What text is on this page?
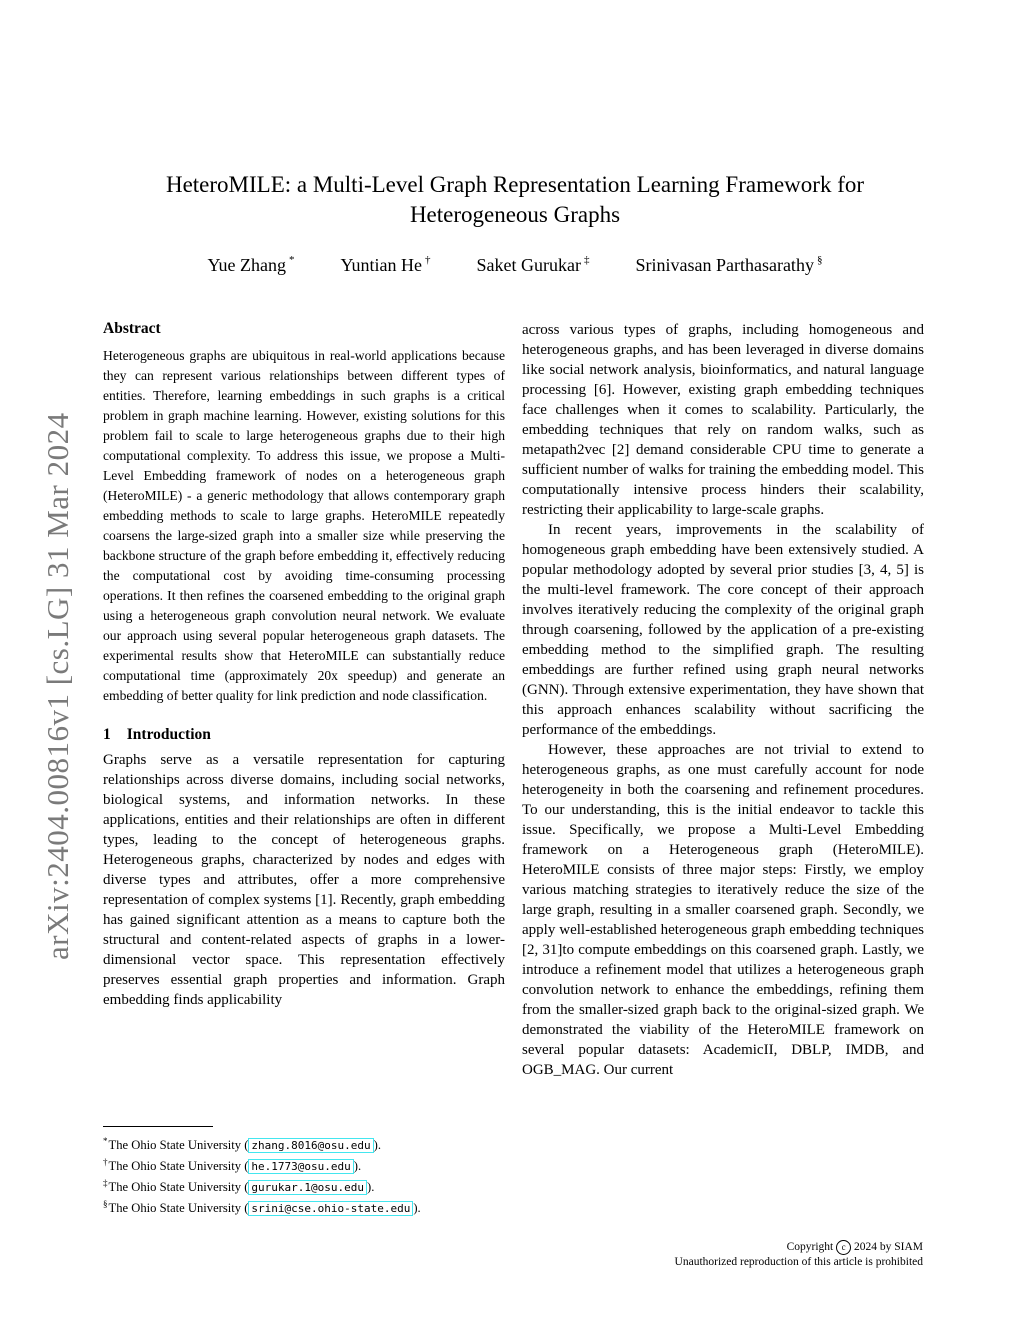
arXiv:2404.00816v1 [cs.LG] 31 Mar 2024
HeteroMILE: a Multi-Level Graph Representation Learning Framework for
Heterogeneous Graphs
Yue Zhang *	Yuntian He †	Saket Gurukar ‡	Srinivasan Parthasarathy §
Abstract

Heterogeneous graphs are ubiquitous in real-world applications because they can represent various relationships between different types of entities. Therefore, learning embeddings in such graphs is a critical problem in graph machine learning. However, existing solutions for this problem fail to scale to large heterogeneous graphs due to their high computational complexity. To address this issue, we propose a Multi-Level Embedding framework of nodes on a heterogeneous graph (HeteroMILE) - a generic methodology that allows contemporary graph embedding methods to scale to large graphs. HeteroMILE repeatedly coarsens the large-sized graph into a smaller size while preserving the backbone structure of the graph before embedding it, effectively reducing the computational cost by avoiding time-consuming processing operations. It then refines the coarsened embedding to the original graph using a heterogeneous graph convolution neural network. We evaluate our approach using several popular heterogeneous graph datasets. The experimental results show that HeteroMILE can substantially reduce computational time (approximately 20x speedup) and generate an embedding of better quality for link prediction and node classification.

1 Introduction

Graphs serve as a versatile representation for capturing relationships across diverse domains, including social networks, biological systems, and information networks. In these applications, entities and their relationships are often in different types, leading to the concept of heterogeneous graphs. Heterogeneous graphs, characterized by nodes and edges with diverse types and attributes, offer a more comprehensive representation of complex systems [1]. Recently, graph embedding has gained significant attention as a means to capture both the structural and content-related aspects of graphs in a lower-dimensional vector space. This representation effectively preserves essential graph properties and information. Graph embedding finds applicability

across various types of graphs, including homogeneous and heterogeneous graphs, and has been leveraged in diverse domains like social network analysis, bioinformatics, and natural language processing [6]. However, existing graph embedding techniques face challenges when it comes to scalability. Particularly, the embedding techniques that rely on random walks, such as metapath2vec [2] demand considerable CPU time to generate a sufficient number of walks for training the embedding model. This computationally intensive process hinders their scalability, restricting their applicability to large-scale graphs.

In recent years, improvements in the scalability of homogeneous graph embedding have been extensively studied. A popular methodology adopted by several prior studies [3, 4, 5] is the multi-level framework. The core concept of their approach involves iteratively reducing the complexity of the original graph through coarsening, followed by the application of a pre-existing embedding method to the simplified graph. The resulting embeddings are further refined using graph neural networks (GNN). Through extensive experimentation, they have shown that this approach enhances scalability without sacrificing the performance of the embeddings.

However, these approaches are not trivial to extend to heterogeneous graphs, as one must carefully account for node heterogeneity in both the coarsening and refinement procedures. To our understanding, this is the initial endeavor to tackle this issue. Specifically, we propose a Multi-Level Embedding framework on a Heterogeneous graph (HeteroMILE). HeteroMILE consists of three major steps: Firstly, we employ various matching strategies to iteratively reduce the size of the large graph, resulting in a smaller coarsened graph. Secondly, we apply well-established heterogeneous graph embedding techniques [2, 31]to compute embeddings on this coarsened graph. Lastly, we introduce a refinement model that utilizes a heterogeneous graph convolution network to enhance the embeddings, refining them from the smaller-sized graph back to the original-sized graph. We demonstrated the viability of the HeteroMILE framework on several popular datasets: AcademicII, DBLP, IMDB, and OGB_MAG. Our current

*The Ohio State University ( zhang.8016@osu.edu ).
†The Ohio State University ( he.1773@osu.edu ).
‡The Ohio State University ( gurukar.1@osu.edu ).
§The Ohio State University ( srini@cse.ohio-state.edu ).
Copyright c 2024 by SIAM
Unauthorized reproduction of this article is prohibited
